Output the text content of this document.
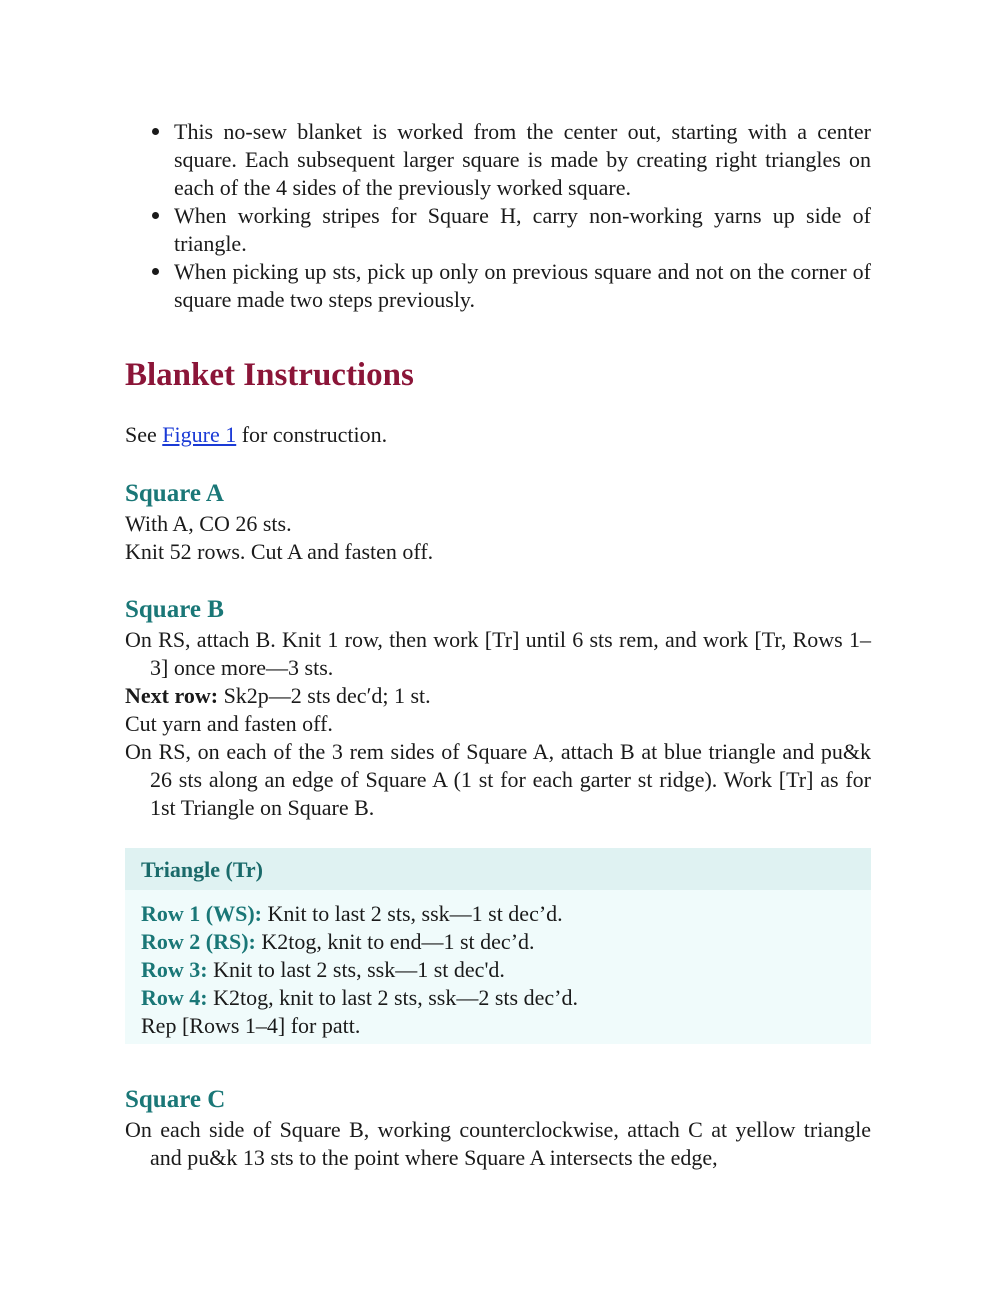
This no-sew blanket is worked from the center out, starting with a center square. Each subsequent larger square is made by creating right triangles on each of the 4 sides of the previously worked square.
When working stripes for Square H, carry non-working yarns up side of triangle.
When picking up sts, pick up only on previous square and not on the corner of square made two steps previously.
Blanket Instructions
See Figure 1 for construction.
Square A

With A, CO 26 sts.

Knit 52 rows. Cut A and fasten off.

Square B

On RS, attach B. Knit 1 row, then work [Tr] until 6 sts rem, and work [Tr, Rows 1–3] once more—3 sts.

Next row: Sk2p—2 sts decʹd; 1 st.

Cut yarn and fasten off.

On RS, on each of the 3 rem sides of Square A, attach B at blue triangle and pu&k 26 sts along an edge of Square A (1 st for each garter st ridge). Work [Tr] as for 1st Triangle on Square B.

Triangle (Tr)

Row 1 (WS): Knit to last 2 sts, ssk—1 st dec’d.

Row 2 (RS): K2tog, knit to end—1 st dec’d.

Row 3: Knit to last 2 sts, ssk—1 st dec'd.

Row 4: K2tog, knit to last 2 sts, ssk—2 sts dec’d.

Rep [Rows 1–4] for patt.

Square C

On each side of Square B, working counterclockwise, attach C at yellow triangle and pu&k 13 sts to the point where Square A intersects the edge,
